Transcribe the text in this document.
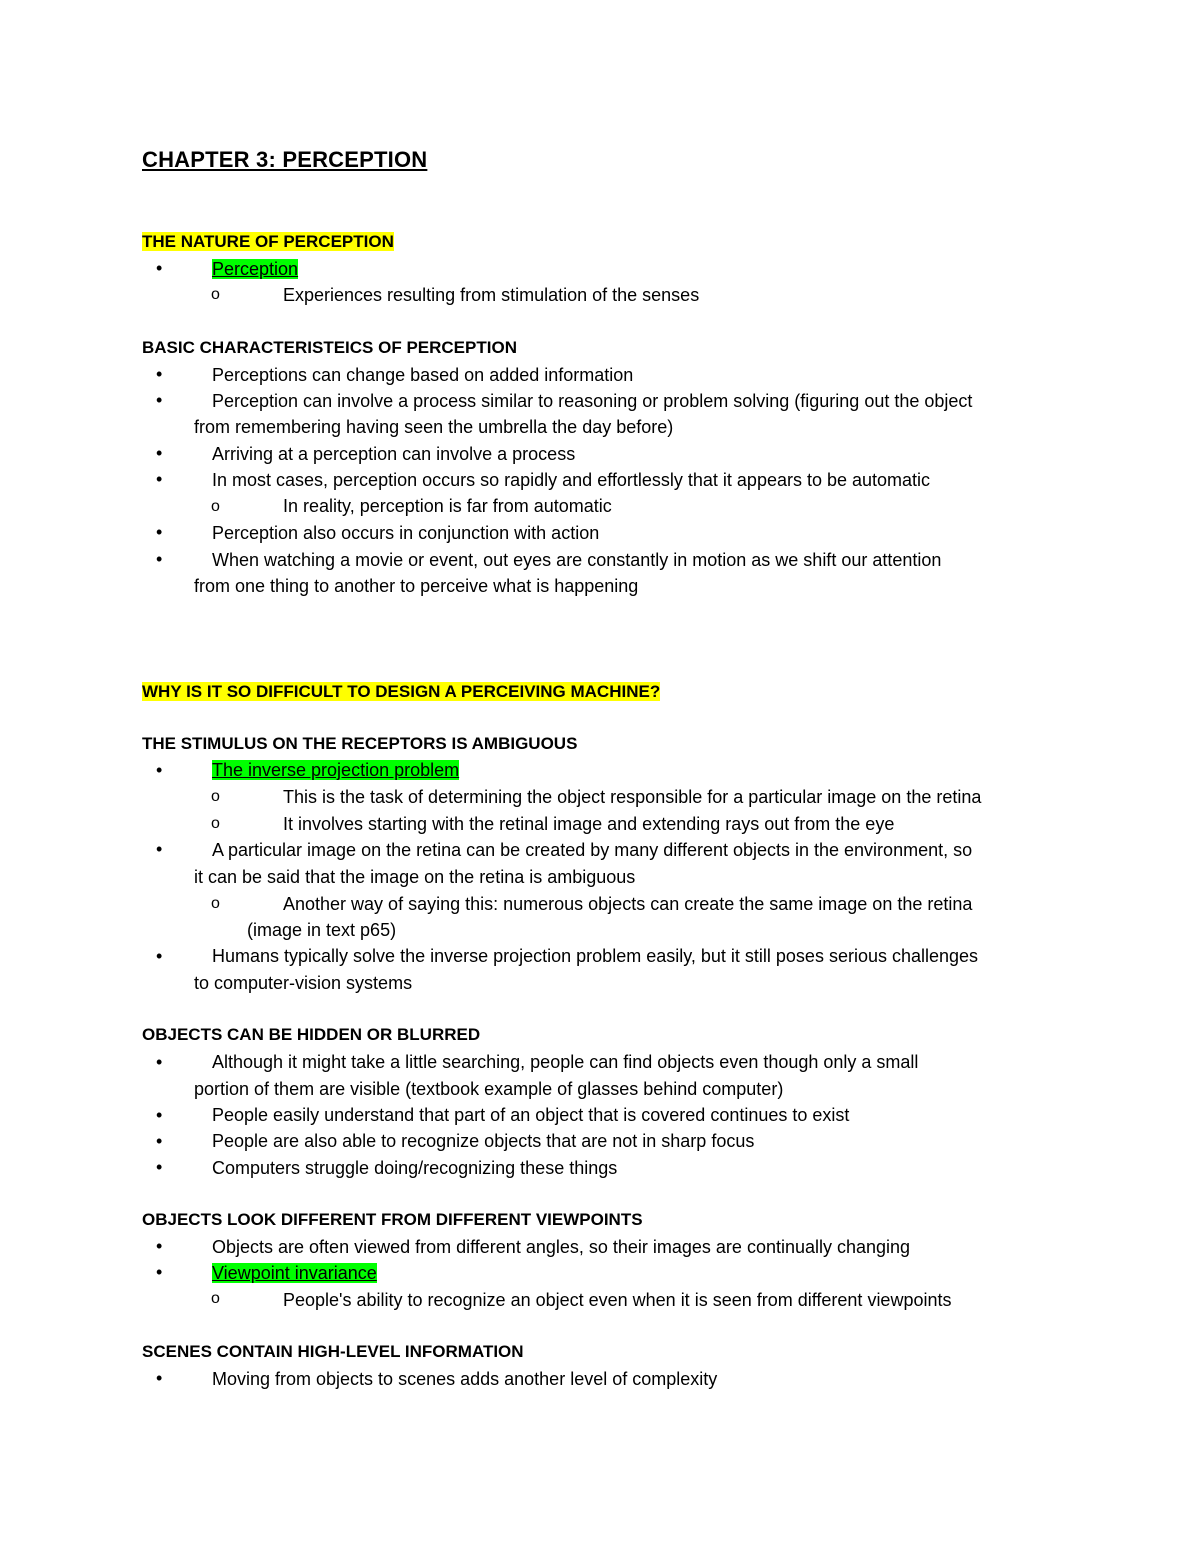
CHAPTER 3: PERCEPTION
THE NATURE OF PERCEPTION
•	Perception
o	Experiences resulting from stimulation of the senses
BASIC CHARACTERISTEICS OF PERCEPTION
•	Perceptions can change based on added information
•	Perception can involve a process similar to reasoning or problem solving (figuring out the object
from remembering having seen the umbrella the day before)
•	Arriving at a perception can involve a process
•	In most cases, perception occurs so rapidly and effortlessly that it appears to be automatic
o	In reality, perception is far from automatic
•	Perception also occurs in conjunction with action
•	When watching a movie or event, out eyes are constantly in motion as we shift our attention
from one thing to another to perceive what is happening
WHY IS IT SO DIFFICULT TO DESIGN A PERCEIVING MACHINE?
THE STIMULUS ON THE RECEPTORS IS AMBIGUOUS
•	The inverse projection problem
o	This is the task of determining the object responsible for a particular image on the retina
o	It involves starting with the retinal image and extending rays out from the eye
•	A particular image on the retina can be created by many different objects in the environment, so
it can be said that the image on the retina is ambiguous
o	Another way of saying this: numerous objects can create the same image on the retina
(image in text p65)
•	Humans typically solve the inverse projection problem easily, but it still poses serious challenges
to computer-vision systems
OBJECTS CAN BE HIDDEN OR BLURRED
•	Although it might take a little searching, people can find objects even though only a small
portion of them are visible (textbook example of glasses behind computer)
•	People easily understand that part of an object that is covered continues to exist
•	People are also able to recognize objects that are not in sharp focus
•	Computers struggle doing/recognizing these things
OBJECTS LOOK DIFFERENT FROM DIFFERENT VIEWPOINTS
•	Objects are often viewed from different angles, so their images are continually changing
•	Viewpoint invariance
o	People's ability to recognize an object even when it is seen from different viewpoints
SCENES CONTAIN HIGH-LEVEL INFORMATION
•	Moving from objects to scenes adds another level of complexity
